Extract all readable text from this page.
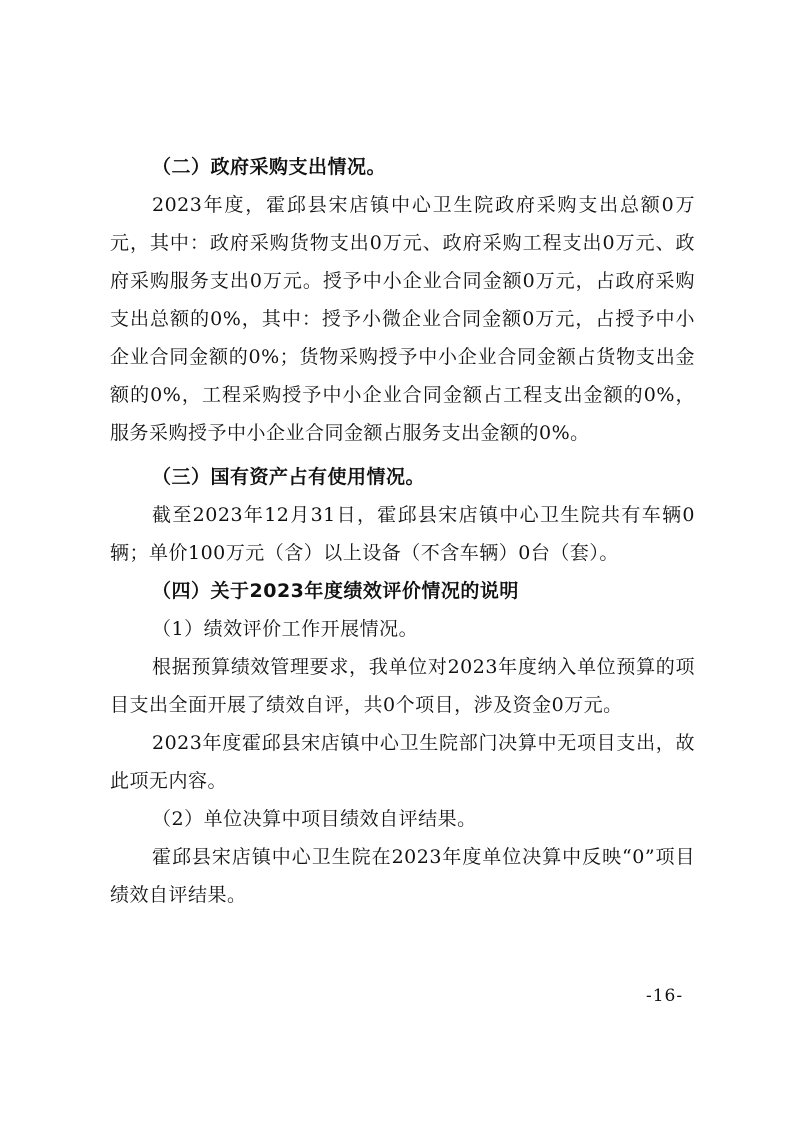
（二）政府采购支出情况。

2023年度，霍邱县宋店镇中心卫生院政府采购支出总额0万元，其中：政府采购货物支出0万元、政府采购工程支出0万元、政府采购服务支出0万元。授予中小企业合同金额0万元，占政府采购支出总额的0%，其中：授予小微企业合同金额0万元，占授予中小企业合同金额的0%；货物采购授予中小企业合同金额占货物支出金额的0%，工程采购授予中小企业合同金额占工程支出金额的0%，服务采购授予中小企业合同金额占服务支出金额的0%。

（三）国有资产占有使用情况。

截至2023年12月31日，霍邱县宋店镇中心卫生院共有车辆0辆；单价100万元（含）以上设备（不含车辆）0台（套）。

（四）关于2023年度绩效评价情况的说明

（1）绩效评价工作开展情况。

根据预算绩效管理要求，我单位对2023年度纳入单位预算的项目支出全面开展了绩效自评，共0个项目，涉及资金0万元。

2023年度霍邱县宋店镇中心卫生院部门决算中无项目支出，故此项无内容。

（2）单位决算中项目绩效自评结果。

霍邱县宋店镇中心卫生院在2023年度单位决算中反映“0”项目绩效自评结果。

-16-
